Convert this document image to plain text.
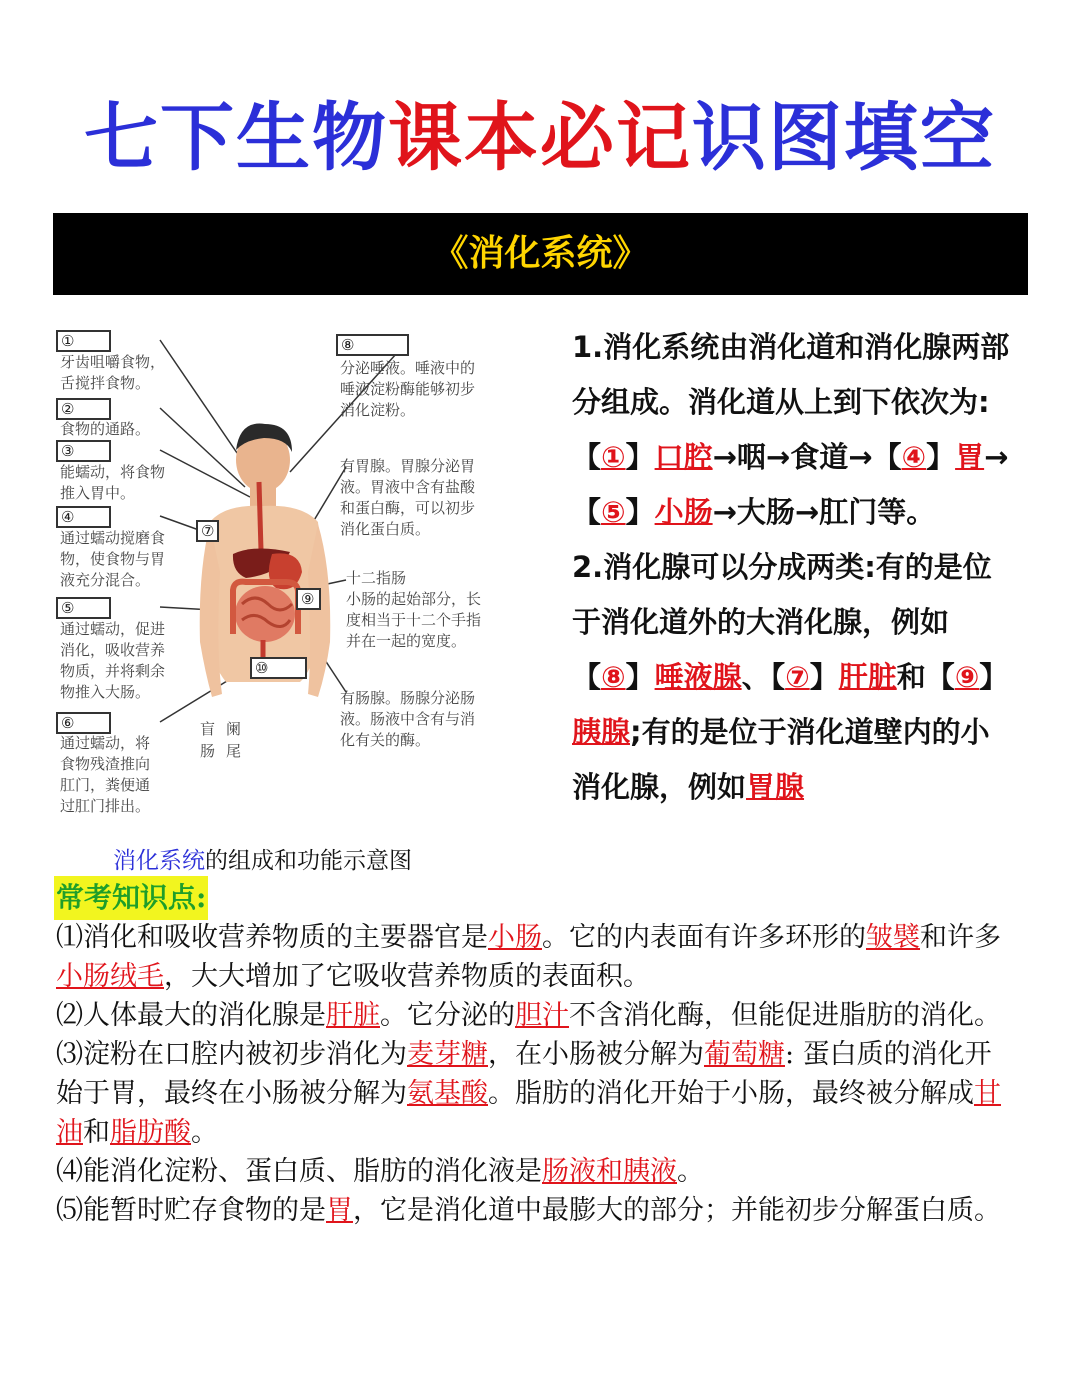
七下生物课本必记识图填空
《消化系统》
①
牙齿咀嚼食物，
舌搅拌食物。
②
食物的通路。
③
能蠕动，将食物
推入胃中。
④
通过蠕动搅磨食
物，使食物与胃
液充分混合。
⑤
通过蠕动，促进
消化，吸收营养
物质，并将剩余
物推入大肠。
⑥
通过蠕动，将
食物残渣推向
肛门，粪便通
过肛门排出。
⑦
⑧
分泌唾液。唾液中的
唾液淀粉酶能够初步
消化淀粉。
有胃腺。胃腺分泌胃
液。胃液中含有盐酸
和蛋白酶，可以初步
消化蛋白质。
⑨
十二指肠
小肠的起始部分，长
度相当于十二个手指
并在一起的宽度。
⑩
有肠腺。肠腺分泌肠
液。肠液中含有与消
化有关的酶。
盲肠
阑尾
消化系统的组成和功能示意图
1.消化系统由消化道和消化腺两部分组成。消化道从上到下依次为:【①】口腔→咽→食道→【④】胃→【⑤】小肠→大肠→肛门等。
2.消化腺可以分成两类:有的是位于消化道外的大消化腺，例如【⑧】唾液腺、【⑦】肝脏和【⑨】胰腺;有的是位于消化道壁内的小消化腺，例如胃腺
常考知识点:

⑴消化和吸收营养物质的主要器官是小肠。它的内表面有许多环形的皱襞和许多 小肠绒毛，大大增加了它吸收营养物质的表面积。

⑵人体最大的消化腺是肝脏。它分泌的胆汁不含消化酶，但能促进脂肪的消化。

⑶淀粉在口腔内被初步消化为麦芽糖，在小肠被分解为葡萄糖: 蛋白质的消化开始于胃，最终在小肠被分解为氨基酸。脂肪的消化开始于小肠，最终被分解成甘油和脂肪酸。

⑷能消化淀粉、蛋白质、脂肪的消化液是肠液和胰液。

⑸能暂时贮存食物的是胃，它是消化道中最膨大的部分；并能初步分解蛋白质。
